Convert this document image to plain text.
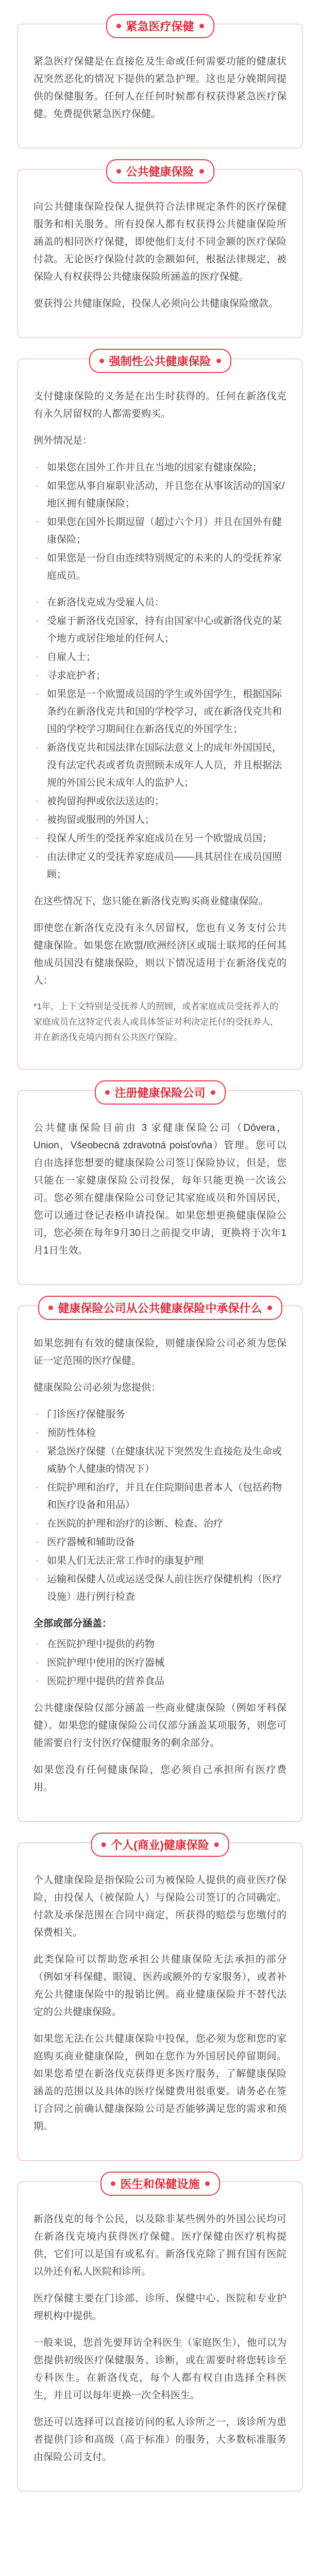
紧急医疗保健

紧急医疗保健是在直接危及生命或任何需要功能的健康状况突然恶化的情况下提供的紧急护理。这也是分娩期间提供的保健服务。任何人在任何时候都有权获得紧急医疗保健。免费提供紧急医疗保健。

公共健康保险

向公共健康保险投保人提供符合法律规定条件的医疗保健服务和相关服务。所有投保人都有权获得公共健康保险所涵盖的相同医疗保健，即使他们支付不同金额的医疗保险付款。无论医疗保险付款的金额如何，根据法律规定，被保险人有权获得公共健康保险所涵盖的医疗保健。

要获得公共健康保险，投保人必须向公共健康保险缴款。

强制性公共健康保险

支付健康保险的义务是在出生时获得的。任何在新洛伐克有永久居留权的人都需要购买。

例外情况是：

· 如果您在国外工作并且在当地的国家有健康保险；
· 如果您从事自雇职业活动，并且您在从事该活动的国家/地区拥有健康保险；
· 如果您在国外长期逗留（超过六个月）并且在国外有健康保险；
· 如果您是一份自由连续特别规定的未来的人的受抚养家庭成员。
· 在新洛伐克成为受雇人员：
· 受雇于新洛伐克国家，持有由国家中心或新洛伐克的某个地方或居住地址的任何人；
· 自雇人士；
· 寻求庇护者；
· 如果您是一个欧盟成员国的学生或外国学生，根据国际条约在新洛伐克共和国的学校学习，或在新洛伐克共和国的学校学习期间住在新洛伐克的外国学生；
· 新洛伐克共和国法律在国际法意义上的成年外国国民，没有法定代表或者负责照顾未成年人人员，并且根据法规的外国公民未成年人的监护人；
· 被拘留拘押或依法送达的；
· 被拘留或服刑的外国人；
· 投保人所生的受抚养家庭成员在另一个欧盟成员国；
· 由法律定义的受抚养家庭成员——具其居住在成员国照顾；

在这些情况下，您只能在新洛伐克购买商业健康保险。

即使您在新洛伐克没有永久居留权，您也有义务支付公共健康保险。如果您在欧盟/欧洲经济区或瑞士联邦的任何其他成员国没有健康保险，则以下情况适用于在新洛伐克的人：

*1年，上下文特别是受抚养人的照顾，或者家庭成员受抚养人的家庭成员在这特定代表人或具体签证对利决定托付的受抚养人，并在新洛伐克境内拥有公共医疗保险。

注册健康保险公司

公共健康保险目前由 3 家健康保险公司（Dôvera，Union，Všeobecná zdravotná poisťovňa）管理。您可以自由选择您想要的健康保险公司签订保险协议，但是，您只能在一家健康保险公司投保，每年只能更换一次该公司。您必须在健康保险公司登记其家庭成员和外国居民，您可以通过登记表格申请投保。如果您想更换健康保险公司，您必须在每年9月30日之前提交申请，更换将于次年1月1日生效。

健康保险公司从公共健康保险中承保什么

如果您拥有有效的健康保险，则健康保险公司必须为您保证一定范围的医疗保健。

健康保险公司必须为您提供：

· 门诊医疗保健服务
· 预防性体检
· 紧急医疗保健（在健康状况下突然发生直接危及生命或威胁个人健康的情况下）
· 住院护理和治疗，并且在住院期间患者本人（包括药物和医疗设备和用品）
· 在医院的护理和治疗的诊断、检查、治疗
· 医疗器械和辅助设备
· 如果人们无法正常工作时的康复护理
· 运输和保健人员或运送受保人前往医疗保健机构（医疗设施）进行例行检查
全部或部分涵盖：
· 在医院护理中提供的药物
· 医院护理中使用的医疗器械
· 医院护理中提供的营养食品

公共健康保险仅部分涵盖一些商业健康保险（例如牙科保健）。如果您的健康保险公司仅部分涵盖某项服务，则您可能需要自行支付医疗保健服务的剩余部分。

如果您没有任何健康保险，您必须自己承担所有医疗费用。

个人(商业)健康保险

个人健康保险是指保险公司为被保险人提供的商业医疗保险，由投保人（被保险人）与保险公司签订的合同确定。付款及承保范围在合同中商定，所获得的赔偿与您缴付的保费相关。

此类保险可以帮助您承担公共健康保险无法承担的部分（例如牙科保健、眼镜、医药或额外的专家服务），或者补充公共健康保险中的报销比例。商业健康保险并不替代法定的公共健康保险。

如果您无法在公共健康保险中投保，您必须为您和您的家庭购买商业健康保险，例如在您作为外国居民停留期间。如果您希望在新洛伐克获得更多医疗服务，了解健康保险涵盖的范围以及具体的医疗保健费用很重要。请务必在签订合同之前确认健康保险公司是否能够满足您的需求和预期。

医生和保健设施

新洛伐克的每个公民，以及除非某些例外的外国公民均可在新洛伐克境内获得医疗保健。医疗保健由医疗机构提供，它们可以是国有或私有。新洛伐克除了拥有国有医院以外还有私人医院和诊所。

医疗保健主要在门诊部、诊所、保健中心、医院和专业护理机构中提供。

一般来说，您首先要拜访全科医生（家庭医生），他可以为您提供初级医疗保健服务、诊断，或在需要时将您转诊至专科医生。在新洛伐克，每个人都有权自由选择全科医生，并且可以每年更换一次全科医生。

您还可以选择可以直接访问的私人诊所之一，该诊所为患者提供门诊和高级（高于标准）的服务，大多数标准服务由保险公司支付。
